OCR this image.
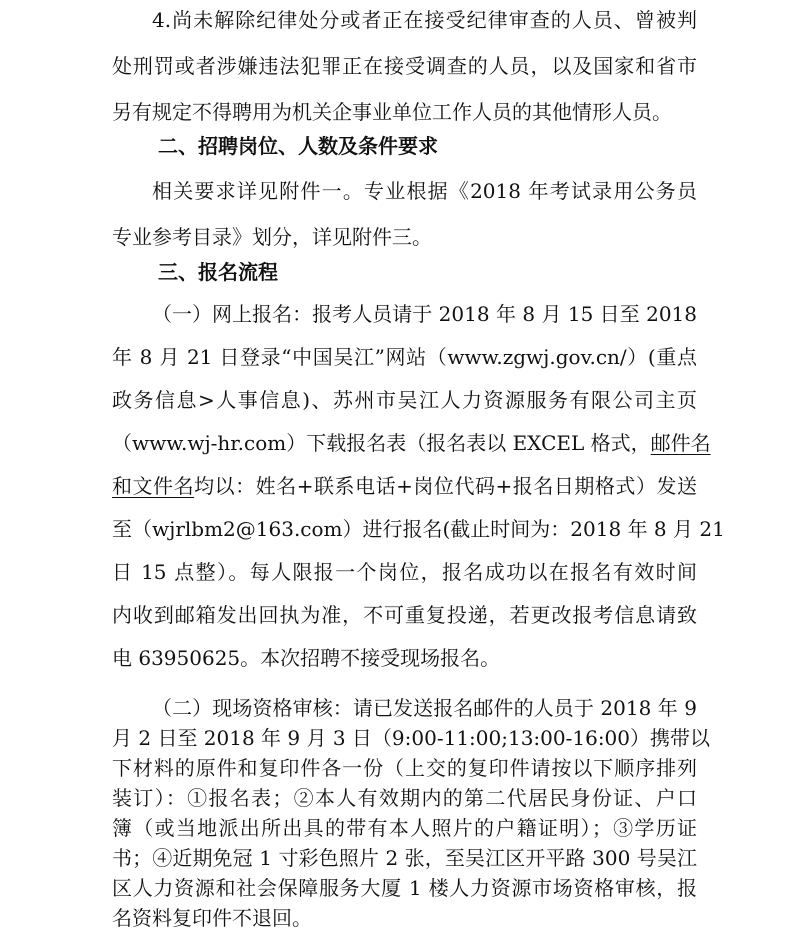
4.尚未解除纪律处分或者正在接受纪律审查的人员、曾被判
处刑罚或者涉嫌违法犯罪正在接受调查的人员，以及国家和省市
另有规定不得聘用为机关企事业单位工作人员的其他情形人员。
二、招聘岗位、人数及条件要求
相关要求详见附件一。专业根据《2018 年考试录用公务员
专业参考目录》划分，详见附件三。
三、报名流程
（一）网上报名：报考人员请于 2018 年 8 月 15 日至 2018
年 8 月 21 日登录“中国吴江”网站（www.zgwj.gov.cn/）(重点
政务信息>人事信息)、苏州市吴江人力资源服务有限公司主页
（www.wj-hr.com）下载报名表（报名表以 EXCEL 格式，邮件名
和文件名均以：姓名+联系电话+岗位代码+报名日期格式）发送
至（wjrlbm2@163.com）进行报名(截止时间为：2018 年 8 月 21
日 15 点整）。每人限报一个岗位，报名成功以在报名有效时间
内收到邮箱发出回执为准，不可重复投递，若更改报考信息请致
电 63950625。本次招聘不接受现场报名。
（二）现场资格审核：请已发送报名邮件的人员于 2018 年 9
月 2 日至 2018 年 9 月 3 日（9:00-11:00;13:00-16:00）携带以
下材料的原件和复印件各一份（上交的复印件请按以下顺序排列
装订）：①报名表；②本人有效期内的第二代居民身份证、户口
簿（或当地派出所出具的带有本人照片的户籍证明）；③学历证
书；④近期免冠 1 寸彩色照片 2 张，至吴江区开平路 300 号吴江
区人力资源和社会保障服务大厦 1 楼人力资源市场资格审核，报
名资料复印件不退回。
